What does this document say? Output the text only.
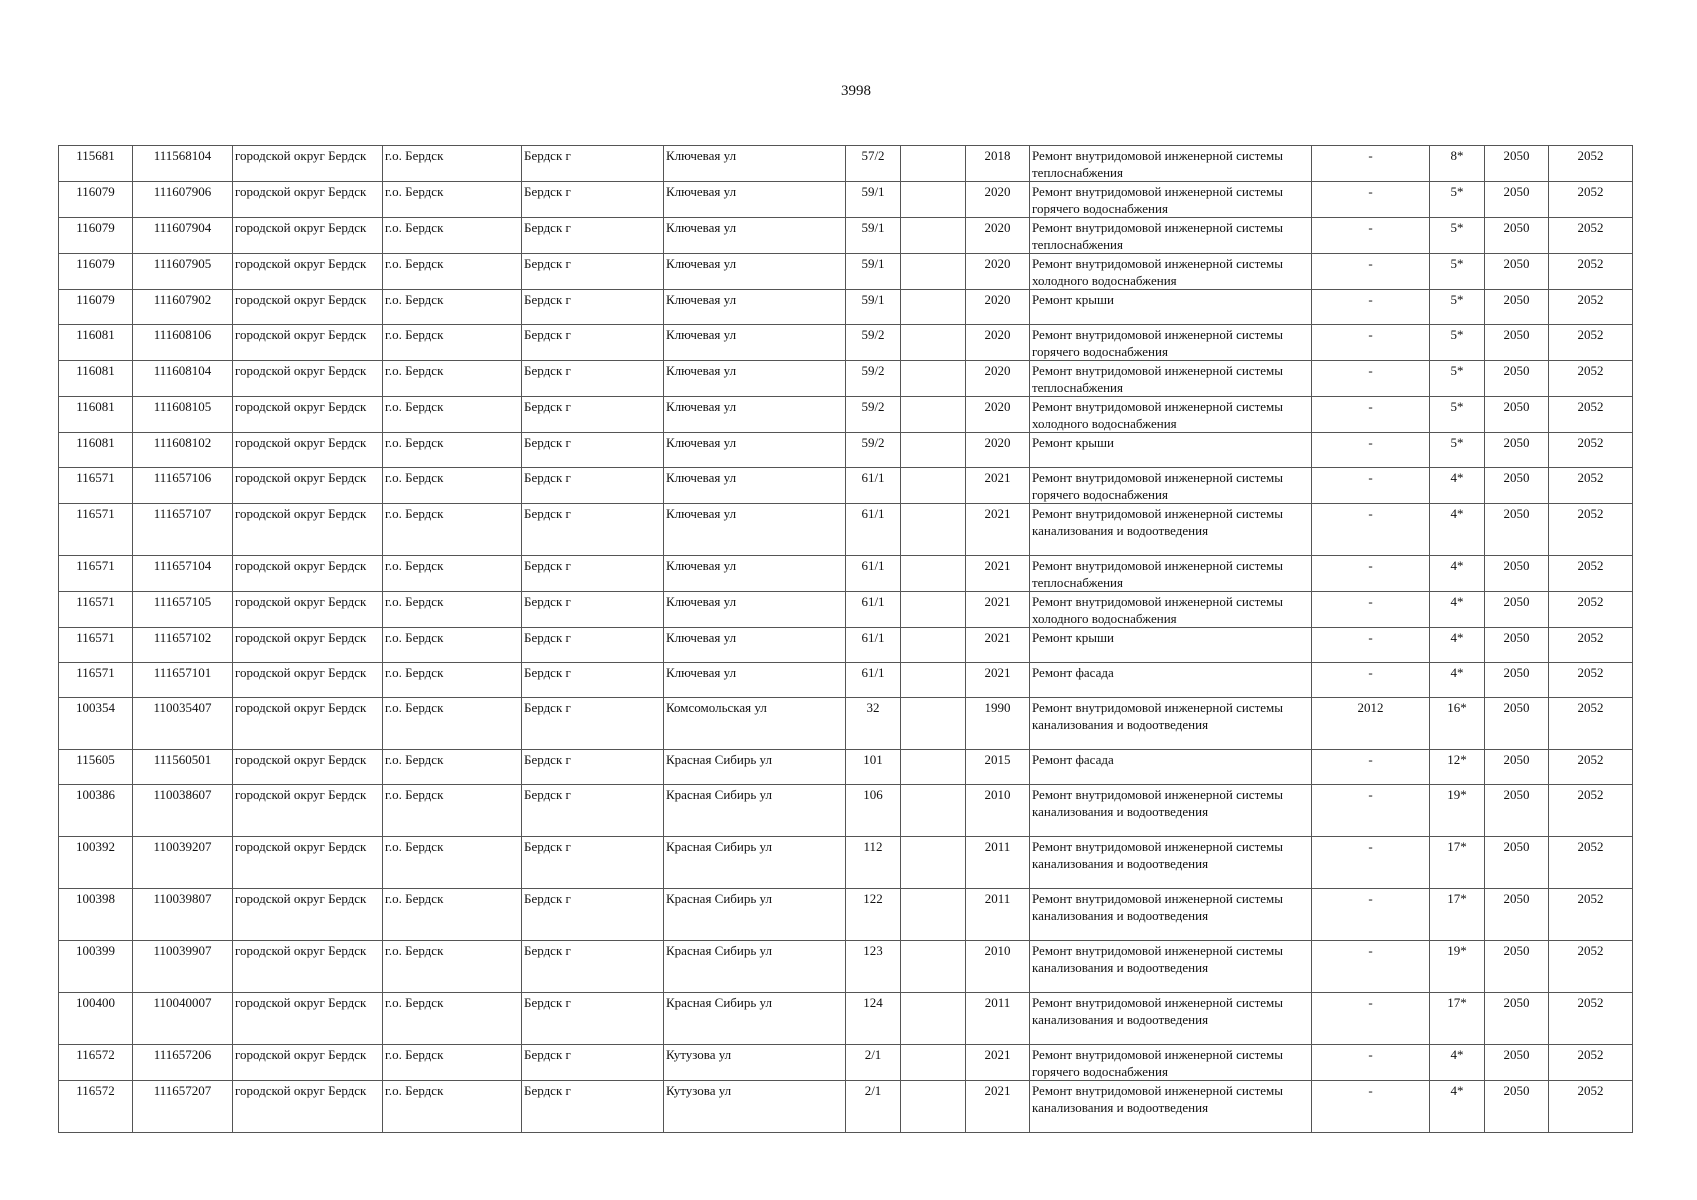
3998
115681	111568104	городской округ Бердск	г.о. Бердск	Бердск г	Ключевая ул	57/2		2018	Ремонт внутридомовой инженерной системы теплоснабжения	-	8*	2050	2052
116079	111607906	городской округ Бердск	г.о. Бердск	Бердск г	Ключевая ул	59/1		2020	Ремонт внутридомовой инженерной системы горячего водоснабжения	-	5*	2050	2052
116079	111607904	городской округ Бердск	г.о. Бердск	Бердск г	Ключевая ул	59/1		2020	Ремонт внутридомовой инженерной системы теплоснабжения	-	5*	2050	2052
116079	111607905	городской округ Бердск	г.о. Бердск	Бердск г	Ключевая ул	59/1		2020	Ремонт внутридомовой инженерной системы холодного водоснабжения	-	5*	2050	2052
116079	111607902	городской округ Бердск	г.о. Бердск	Бердск г	Ключевая ул	59/1		2020	Ремонт крыши	-	5*	2050	2052
116081	111608106	городской округ Бердск	г.о. Бердск	Бердск г	Ключевая ул	59/2		2020	Ремонт внутридомовой инженерной системы горячего водоснабжения	-	5*	2050	2052
116081	111608104	городской округ Бердск	г.о. Бердск	Бердск г	Ключевая ул	59/2		2020	Ремонт внутридомовой инженерной системы теплоснабжения	-	5*	2050	2052
116081	111608105	городской округ Бердск	г.о. Бердск	Бердск г	Ключевая ул	59/2		2020	Ремонт внутридомовой инженерной системы холодного водоснабжения	-	5*	2050	2052
116081	111608102	городской округ Бердск	г.о. Бердск	Бердск г	Ключевая ул	59/2		2020	Ремонт крыши	-	5*	2050	2052
116571	111657106	городской округ Бердск	г.о. Бердск	Бердск г	Ключевая ул	61/1		2021	Ремонт внутридомовой инженерной системы горячего водоснабжения	-	4*	2050	2052
116571	111657107	городской округ Бердск	г.о. Бердск	Бердск г	Ключевая ул	61/1		2021	Ремонт внутридомовой инженерной системы канализования и водоотведения	-	4*	2050	2052
116571	111657104	городской округ Бердск	г.о. Бердск	Бердск г	Ключевая ул	61/1		2021	Ремонт внутридомовой инженерной системы теплоснабжения	-	4*	2050	2052
116571	111657105	городской округ Бердск	г.о. Бердск	Бердск г	Ключевая ул	61/1		2021	Ремонт внутридомовой инженерной системы холодного водоснабжения	-	4*	2050	2052
116571	111657102	городской округ Бердск	г.о. Бердск	Бердск г	Ключевая ул	61/1		2021	Ремонт крыши	-	4*	2050	2052
116571	111657101	городской округ Бердск	г.о. Бердск	Бердск г	Ключевая ул	61/1		2021	Ремонт фасада	-	4*	2050	2052
100354	110035407	городской округ Бердск	г.о. Бердск	Бердск г	Комсомольская ул	32		1990	Ремонт внутридомовой инженерной системы канализования и водоотведения	2012	16*	2050	2052
115605	111560501	городской округ Бердск	г.о. Бердск	Бердск г	Красная Сибирь ул	101		2015	Ремонт фасада	-	12*	2050	2052
100386	110038607	городской округ Бердск	г.о. Бердск	Бердск г	Красная Сибирь ул	106		2010	Ремонт внутридомовой инженерной системы канализования и водоотведения	-	19*	2050	2052
100392	110039207	городской округ Бердск	г.о. Бердск	Бердск г	Красная Сибирь ул	112		2011	Ремонт внутридомовой инженерной системы канализования и водоотведения	-	17*	2050	2052
100398	110039807	городской округ Бердск	г.о. Бердск	Бердск г	Красная Сибирь ул	122		2011	Ремонт внутридомовой инженерной системы канализования и водоотведения	-	17*	2050	2052
100399	110039907	городской округ Бердск	г.о. Бердск	Бердск г	Красная Сибирь ул	123		2010	Ремонт внутридомовой инженерной системы канализования и водоотведения	-	19*	2050	2052
100400	110040007	городской округ Бердск	г.о. Бердск	Бердск г	Красная Сибирь ул	124		2011	Ремонт внутридомовой инженерной системы канализования и водоотведения	-	17*	2050	2052
116572	111657206	городской округ Бердск	г.о. Бердск	Бердск г	Кутузова ул	2/1		2021	Ремонт внутридомовой инженерной системы горячего водоснабжения	-	4*	2050	2052
116572	111657207	городской округ Бердск	г.о. Бердск	Бердск г	Кутузова ул	2/1		2021	Ремонт внутридомовой инженерной системы канализования и водоотведения	-	4*	2050	2052
